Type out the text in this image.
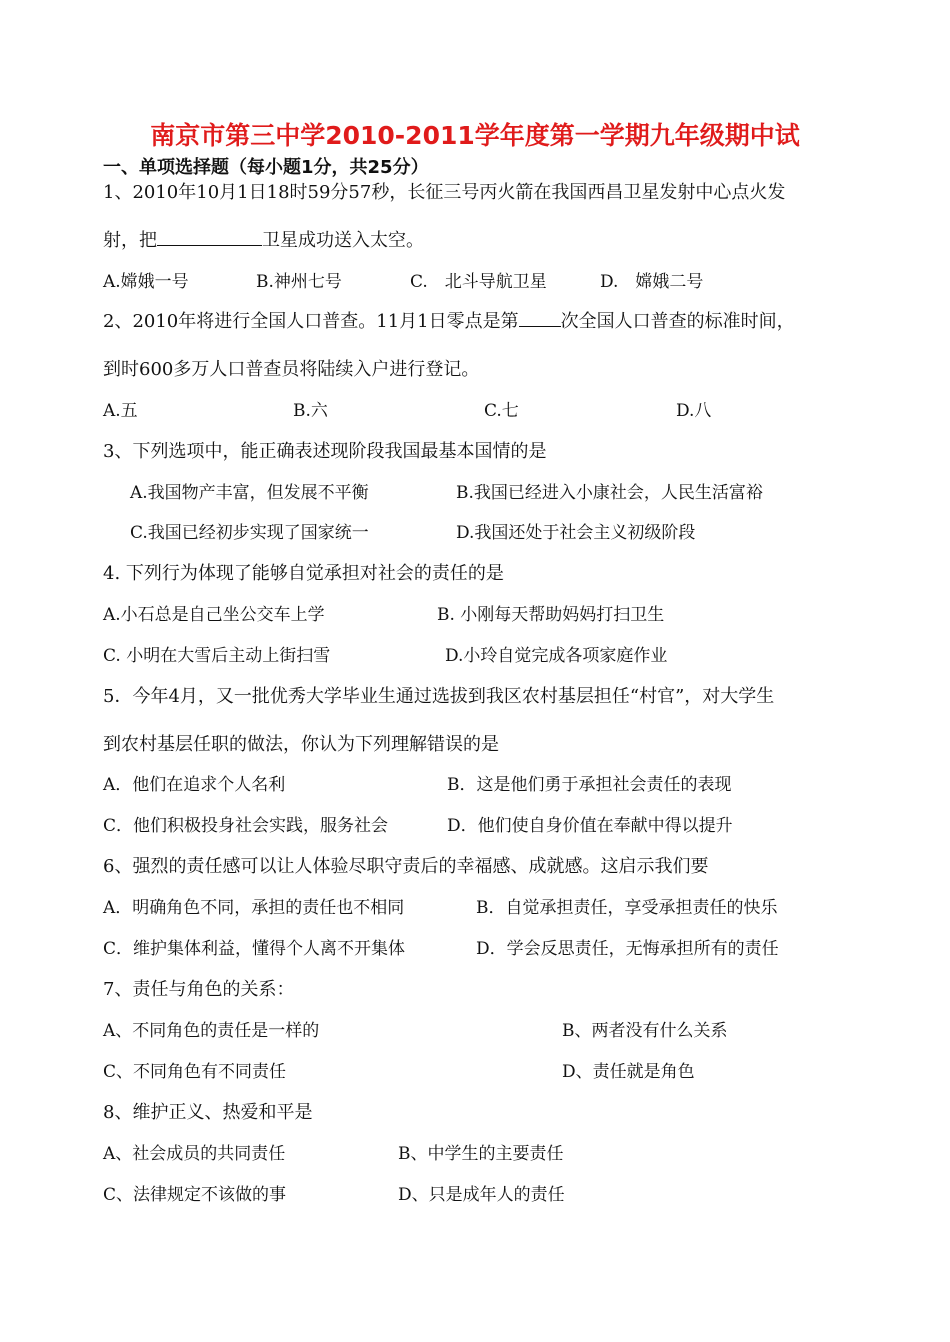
南京市第三中学2010-2011学年度第一学期九年级期中试
一、单项选择题（每小题1分，共25分）
1、2010年10月1日18时59分57秒，长征三号丙火箭在我国西昌卫星发射中心点火发
射，把	卫星成功送入太空。
A.嫦娥一号	B.神州七号	C.　北斗导航卫星	D.　嫦娥二号
2、2010年将进行全国人口普查。11月1日零点是第 次全国人口普查的标准时间，
到时600多万人口普查员将陆续入户进行登记。
A.五	B.六	C.七	D.八
3、下列选项中，能正确表述现阶段我国最基本国情的是
A.我国物产丰富，但发展不平衡	B.我国已经进入小康社会，人民生活富裕
C.我国已经初步实现了国家统一	D.我国还处于社会主义初级阶段
4. 下列行为体现了能够自觉承担对社会的责任的是
A.小石总是自己坐公交车上学	B. 小刚每天帮助妈妈打扫卫生
C. 小明在大雪后主动上街扫雪	D.小玲自觉完成各项家庭作业
5．今年4月，又一批优秀大学毕业生通过选拔到我区农村基层担任“村官”，对大学生
到农村基层任职的做法，你认为下列理解错误的是
A．他们在追求个人名利	B．这是他们勇于承担社会责任的表现
C．他们积极投身社会实践，服务社会	D．他们使自身价值在奉献中得以提升
6、强烈的责任感可以让人体验尽职守责后的幸福感、成就感。这启示我们要
A．明确角色不同，承担的责任也不相同	B．自觉承担责任，享受承担责任的快乐
C．维护集体利益，懂得个人离不开集体	D．学会反思责任，无悔承担所有的责任
7、责任与角色的关系：
A、不同角色的责任是一样的	B、两者没有什么关系
C、不同角色有不同责任	D、责任就是角色
8、维护正义、热爱和平是
A、社会成员的共同责任	B、中学生的主要责任
C、法律规定不该做的事	D、只是成年人的责任
